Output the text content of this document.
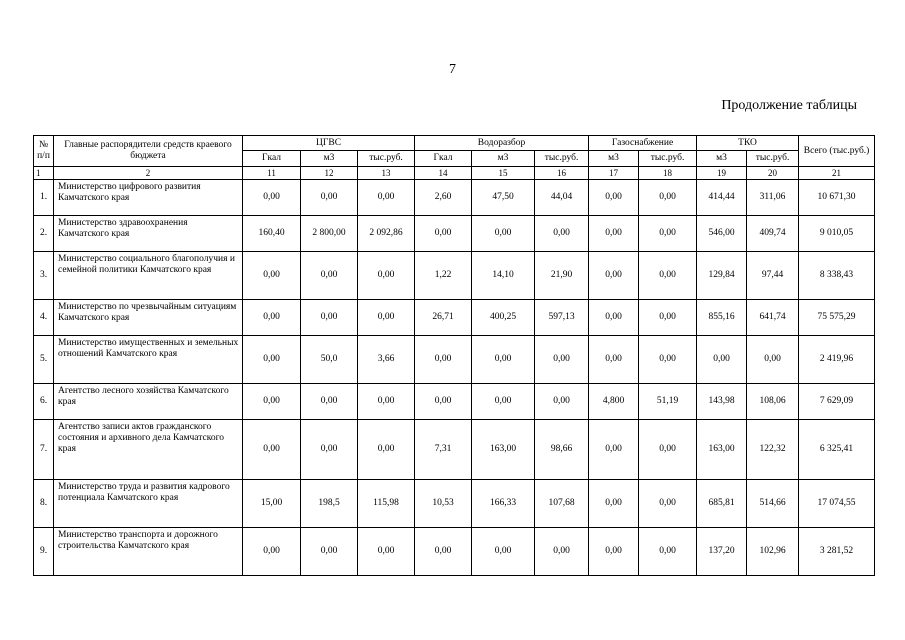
7
Продолжение таблицы
№ п/п	Главные распорядители средств краевого бюджета	ЦГВС			Водоразбор			Газоснабжение		ТКО		Всего (тыс.руб.)
		Гкал	м3	тыс.руб.	Гкал	м3	тыс.руб.	м3	тыс.руб.	м3	тыс.руб.	
1	2	11	12	13	14	15	16	17	18	19	20	21
1.	Министерство цифрового развития Камчатского края	0,00	0,00	0,00	2,60	47,50	44,04	0,00	0,00	414,44	311,06	10 671,30
2.	Министерство здравоохранения Камчатского края	160,40	2 800,00	2 092,86	0,00	0,00	0,00	0,00	0,00	546,00	409,74	9 010,05
3.	Министерство социального благополучия и семейной политики Камчатского края	0,00	0,00	0,00	1,22	14,10	21,90	0,00	0,00	129,84	97,44	8 338,43
4.	Министерство по чрезвычайным ситуациям Камчатского края	0,00	0,00	0,00	26,71	400,25	597,13	0,00	0,00	855,16	641,74	75 575,29
5.	Министерство имущественных и земельных отношений Камчатского края	0,00	50,0	3,66	0,00	0,00	0,00	0,00	0,00	0,00	0,00	2 419,96
6.	Агентство лесного хозяйства Камчатского края	0,00	0,00	0,00	0,00	0,00	0,00	4,800	51,19	143,98	108,06	7 629,09
7.	Агентство записи актов гражданского состояния и архивного дела Камчатского края	0,00	0,00	0,00	7,31	163,00	98,66	0,00	0,00	163,00	122,32	6 325,41
8.	Министерство труда и развития кадрового потенциала Камчатского края	15,00	198,5	115,98	10,53	166,33	107,68	0,00	0,00	685,81	514,66	17 074,55
9.	Министерство транспорта и дорожного строительства Камчатского края	0,00	0,00	0,00	0,00	0,00	0,00	0,00	0,00	137,20	102,96	3 281,52
